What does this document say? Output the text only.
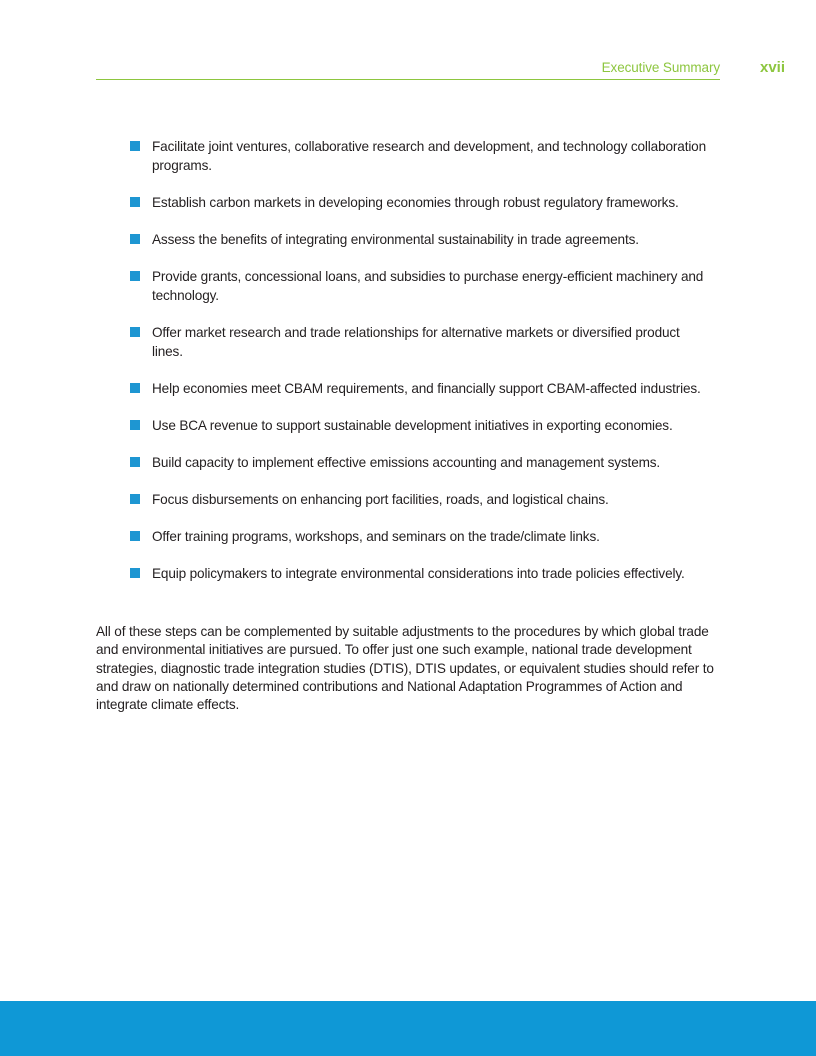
Executive Summary	xvii
Facilitate joint ventures, collaborative research and development, and technology collaboration programs.
Establish carbon markets in developing economies through robust regulatory frameworks.
Assess the benefits of integrating environmental sustainability in trade agreements.
Provide grants, concessional loans, and subsidies to purchase energy-efficient machinery and technology.
Offer market research and trade relationships for alternative markets or diversified product lines.
Help economies meet CBAM requirements, and financially support CBAM-affected industries.
Use BCA revenue to support sustainable development initiatives in exporting economies.
Build capacity to implement effective emissions accounting and management systems.
Focus disbursements on enhancing port facilities, roads, and logistical chains.
Offer training programs, workshops, and seminars on the trade/climate links.
Equip policymakers to integrate environmental considerations into trade policies effectively.

All of these steps can be complemented by suitable adjustments to the procedures by which global trade and environmental initiatives are pursued. To offer just one such example, national trade development strategies, diagnostic trade integration studies (DTIS), DTIS updates, or equivalent studies should refer to and draw on nationally determined contributions and National Adaptation Programmes of Action and integrate climate effects.
